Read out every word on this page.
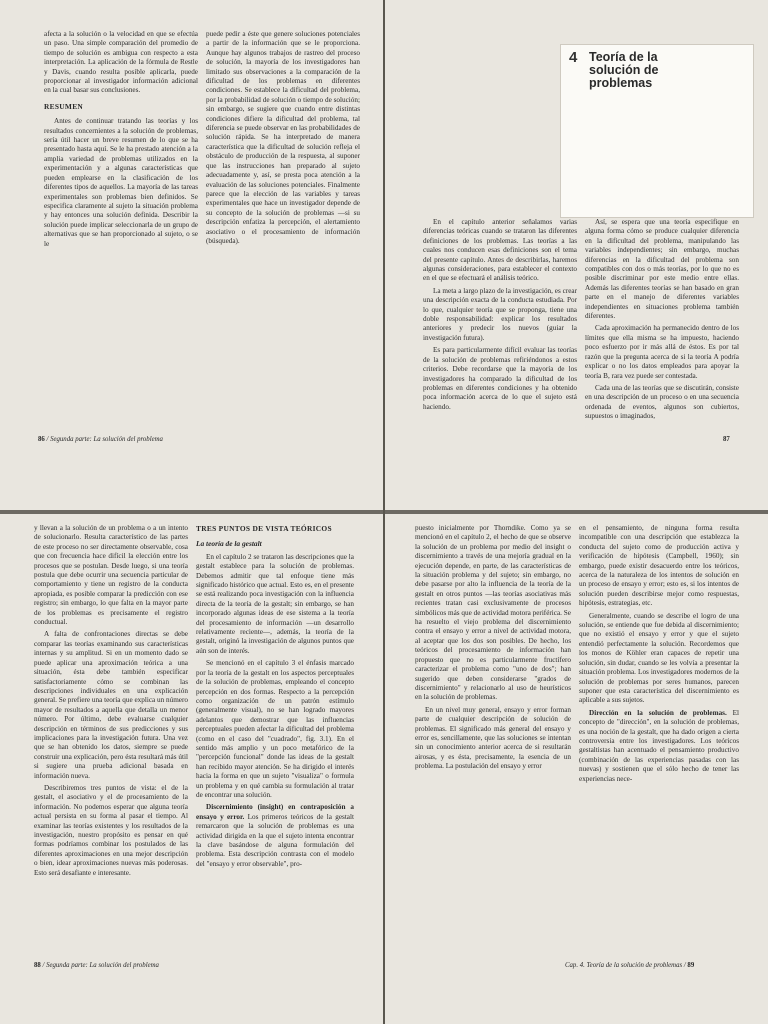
afecta a la solución o la velocidad en que se efectúa un paso. Una simple comparación del promedio de tiempo de solución es ambigua con respecto a esta interpretación. La aplicación de la fórmula de Restle y Davis, cuando resulta posible aplicarla, puede proporcionar al investigador información adicional en la cual basar sus conclusiones.

RESUMEN

Antes de continuar tratando las teorías y los resultados concernientes a la solución de problemas, sería útil hacer un breve resumen de lo que se ha presentado hasta aquí. Se le ha prestado atención a la amplia variedad de problemas utilizados en la experimentación y a algunas características que pueden emplearse en la clasificación de los diferentes tipos de aquellos. La mayoría de las tareas experimentales son problemas bien definidos. Se especifica claramente al sujeto la situación problema y hay entonces una solución definida. Describir la solución puede implicar seleccionarla de un grupo de alternativas que se han proporcionado al sujeto, o se le

puede pedir a éste que genere soluciones potenciales a partir de la información que se le proporciona. Aunque hay algunos trabajos de rastreo del proceso de solución, la mayoría de los investigadores han limitado sus observaciones a la comparación de la dificultad de los problemas en diferentes condiciones. Se establece la dificultad del problema, por la probabilidad de solución o tiempo de solución; sin embargo, se sugiere que cuando entre distintas condiciones difiere la dificultad del problema, tal diferencia se puede observar en las probabilidades de solución rápida. Se ha interpretado de manera característica que la dificultad de solución refleja el obstáculo de producción de la respuesta, al suponer que las instrucciones han preparado al sujeto adecuadamente y, así, se presta poca atención a la evaluación de las soluciones potenciales. Finalmente parece que la elección de las variables y tareas experimentales que hace un investigador depende de su concepto de la solución de problemas —si su descripción enfatiza la percepción, el alertamiento asociativo o el procesamiento de información (búsqueda).

86 / Segunda parte: La solución del problema
4 Teoría de la
solución de
problemas

En el capítulo anterior señalamos varias diferencias teóricas cuando se trataron las diferentes definiciones de los problemas. Las teorías a las cuales nos conducen esas definiciones son el tema del presente capítulo. Antes de describirlas, haremos algunas consideraciones, para establecer el contexto en el que se efectuará el análisis teórico.

La meta a largo plazo de la investigación, es crear una descripción exacta de la conducta estudiada. Por lo que, cualquier teoría que se proponga, tiene una doble responsabilidad: explicar los resultados anteriores y predecir los nuevos (guiar la investigación futura).

Es para particularmente difícil evaluar las teorías de la solución de problemas refiriéndonos a estos criterios. Debe recordarse que la mayoría de los investigadores ha comparado la dificultad de los problemas en diferentes condiciones y ha obtenido poca información acerca de lo que el sujeto está haciendo.

Así, se espera que una teoría especifique en alguna forma cómo se produce cualquier diferencia en la dificultad del problema, manipulando las variables independientes; sin embargo, muchas diferencias en la dificultad del problema son compatibles con dos o más teorías, por lo que no es posible discriminar por este medio entre ellas. Además las diferentes teorías se han basado en gran parte en el manejo de diferentes variables independientes en situaciones problema también diferentes.

Cada aproximación ha permanecido dentro de los límites que ella misma se ha impuesto, haciendo poco esfuerzo por ir más allá de éstos. Es por tal razón que la pregunta acerca de si la teoría A podría explicar o no los datos empleados para apoyar la teoría B, rara vez puede ser contestada.

Cada una de las teorías que se discutirán, consiste en una descripción de un proceso o en una secuencia ordenada de eventos, algunos son cubiertos, supuestos o imaginados,

87

y llevan a la solución de un problema o a un intento de solucionarlo. Resulta característico de las partes de este proceso no ser directamente observable, cosa que con frecuencia hace difícil la elección entre los procesos que se postulan. Desde luego, si una teoría postula que debe ocurrir una secuencia particular de comportamiento y tiene un registro de la conducta apropiada, es posible comparar la predicción con ese registro; sin embargo, lo que falta en la mayor parte de los problemas es precisamente el registro conductual.

A falta de confrontaciones directas se debe comparar las teorías examinando sus características internas y su amplitud. Si en un momento dado se puede aplicar una aproximación teórica a una situación, ésta debe también especificar satisfactoriamente cómo se combinan las descripciones individuales en una explicación general. Se prefiere una teoría que explica un número mayor de resultados a aquella que detalla un menor número. Por último, debe evaluarse cualquier descripción en términos de sus predicciones y sus implicaciones para la investigación futura. Una vez que se han obtenido los datos, siempre se puede construir una explicación, pero ésta resultará más útil si sugiere una prueba adicional basada en información nueva.

Describiremos tres puntos de vista: el de la gestalt, el asociativo y el de procesamiento de la información. No podemos esperar que alguna teoría actual persista en su forma al pasar el tiempo. Al examinar las teorías existentes y los resultados de la investigación, nuestro propósito es pensar en qué formas podríamos combinar los postulados de las diferentes aproximaciones en una mejor descripción o bien, idear aproximaciones nuevas más poderosas. Esto será desafiante e interesante.

TRES PUNTOS DE VISTA TEÓRICOS
La teoría de la gestalt

En el capítulo 2 se trataron las descripciones que la gestalt establece para la solución de problemas. Debemos admitir que tal enfoque tiene más significado histórico que actual. Esto es, en el presente se está realizando poca investigación con la influencia directa de la teoría de la gestalt; sin embargo, se han incorporado algunas ideas de ese sistema a la teoría del procesamiento de información —un desarrollo relativamente reciente—, además, la teoría de la gestalt, originó la investigación de algunos puntos que aún son de interés.

Se mencionó en el capítulo 3 el énfasis marcado por la teoría de la gestalt en los aspectos perceptuales de la solución de problemas, empleando el concepto percepción en dos formas. Respecto a la percepción como organización de un patrón estímulo (generalmente visual), no se han logrado mayores adelantos que demostrar que las influencias perceptuales pueden afectar la dificultad del problema (como en el caso del "cuadrado", fig. 3.1). En el sentido más amplio y un poco metafórico de la "percepción funcional" donde las ideas de la gestalt han recibido mayor atención. Se ha dirigido el interés hacia la forma en que un sujeto "visualiza" o formula un problema y en qué cambia su formulación al tratar de encontrar una solución.

Discernimiento (insight) en contraposición a ensayo y error. Los primeros teóricos de la gestalt remarcaron que la solución de problemas es una actividad dirigida en la que el sujeto intenta encontrar la clave basándose de alguna formulación del problema. Esta descripción contrasta con el modelo del "ensayo y error observable", pro-

88 / Segunda parte: La solución del problema

puesto inicialmente por Thorndike. Como ya se mencionó en el capítulo 2, el hecho de que se observe la solución de un problema por medio del insight o discernimiento a través de una mejoría gradual en la ejecución depende, en parte, de las características de la situación problema y del sujeto; sin embargo, no debe pasarse por alto la influencia de la teoría de la gestalt en otros puntos —las teorías asociativas más recientes tratan casi exclusivamente de procesos simbólicos más que de actividad motora periférica. Se ha resuelto el viejo problema del discernimiento contra el ensayo y error a nivel de actividad motora, al aceptar que los dos son posibles. De hecho, los teóricos del procesamiento de información han propuesto que no es particularmente fructífero caracterizar el problema como "uno de dos"; han sugerido que deben considerarse "grados de discernimiento" y relacionarlo al uso de heurísticos en la solución de problemas.

En un nivel muy general, ensayo y error forman parte de cualquier descripción de solución de problemas. El significado más general del ensayo y error es, sencillamente, que las soluciones se intentan sin un conocimiento anterior acerca de si resultarán airosas, y es ésta, precisamente, la esencia de un problema. La postulación del ensayo y error

en el pensamiento, de ninguna forma resulta incompatible con una descripción que establezca la conducta del sujeto como de producción activa y verificación de hipótesis (Campbell, 1960); sin embargo, puede existir desacuerdo entre los teóricos, acerca de la naturaleza de los intentos de solución en un proceso de ensayo y error; esto es, si los intentos de solución pueden describirse mejor como respuestas, hipótesis, estrategias, etc.

Generalmente, cuando se describe el logro de una solución, se entiende que fue debida al discernimiento; que no existió el ensayo y error y que el sujeto entendió perfectamente la solución. Recordemos que los monos de Köhler eran capaces de repetir una solución, sin dudar, cuando se les volvía a presentar la situación problema. Los investigadores modernos de la solución de problemas por seres humanos, parecen suponer que esta característica del discernimiento es aplicable a sus sujetos.

Dirección en la solución de problemas. El concepto de "dirección", en la solución de problemas, es una noción de la gestalt, que ha dado origen a cierta controversia entre los investigadores. Los teóricos gestaltistas han acentuado el pensamiento productivo (combinación de las experiencias pasadas con las nuevas) y sostienen que el sólo hecho de tener las experiencias nece-

Cap. 4. Teoría de la solución de problemas / 89
